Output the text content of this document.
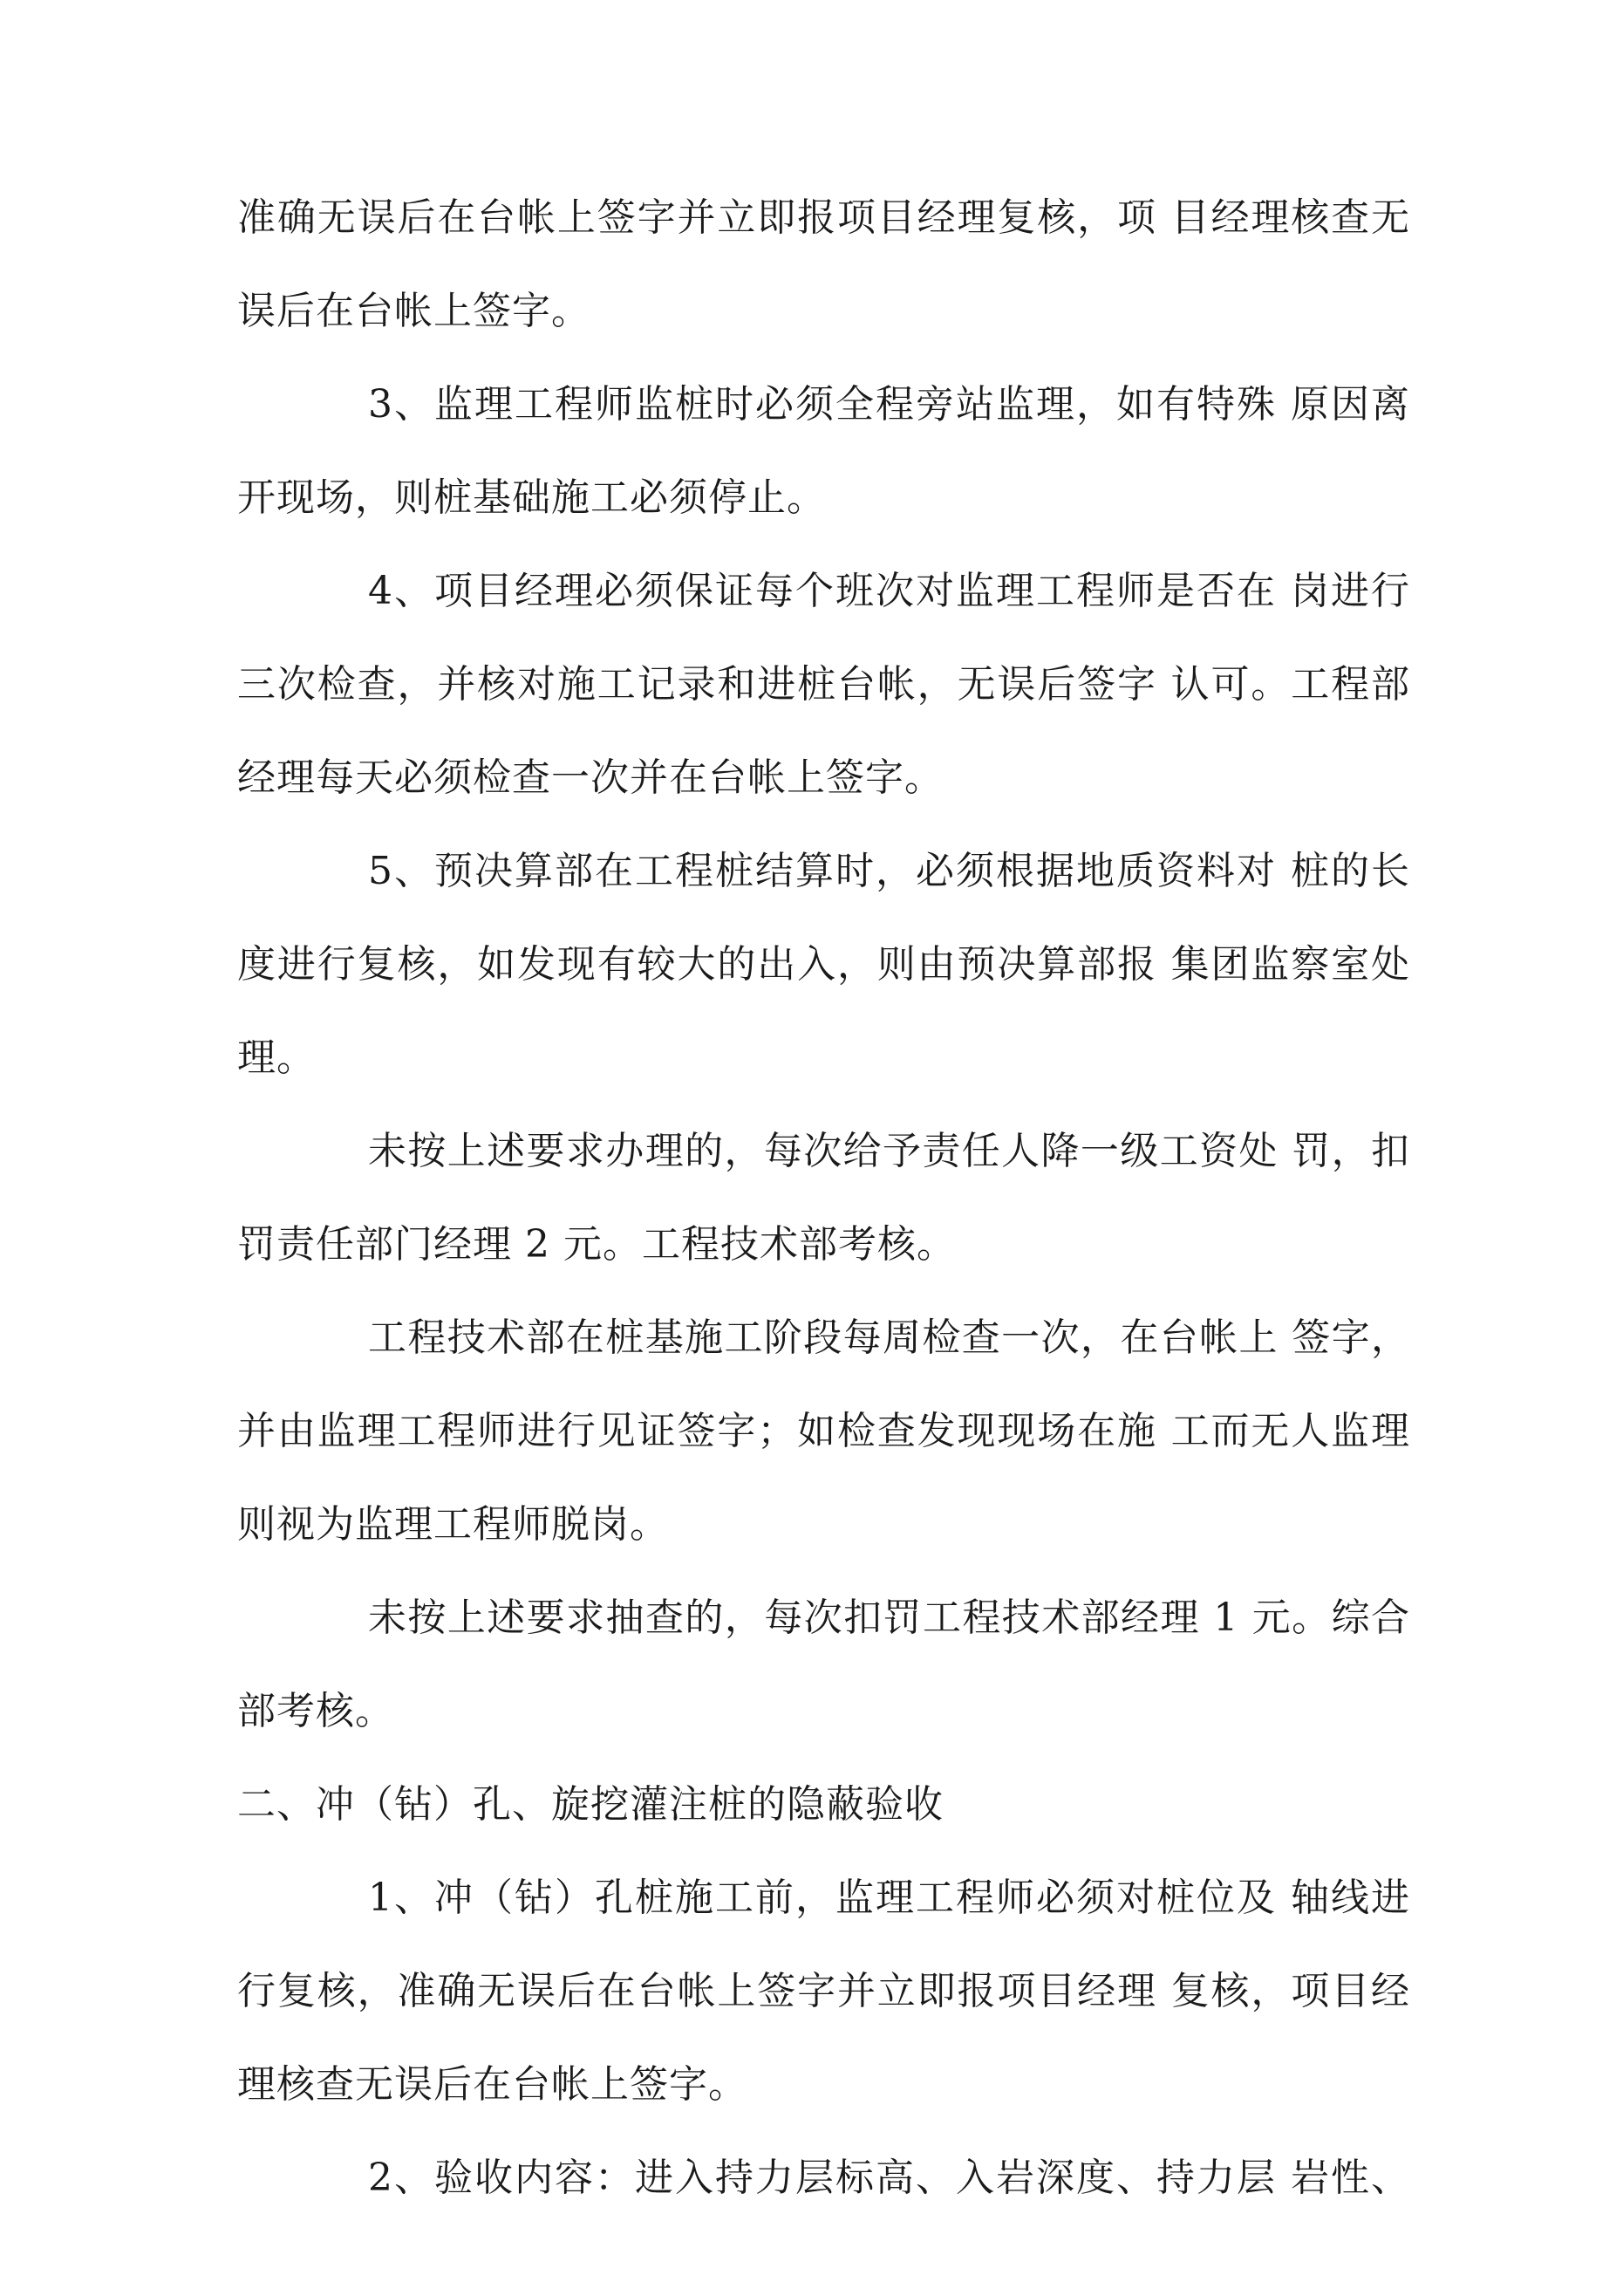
准确无误后在台帐上签字并立即报项目经理复核，项 目经理核查无
误后在台帐上签字。
3、监理工程师监桩时必须全程旁站监理，如有特殊 原因离
开现场，则桩基础施工必须停止。
4、项目经理必须保证每个班次对监理工程师是否在 岗进行
三次检查，并核对施工记录和进桩台帐，无误后签字 认可。工程部
经理每天必须检查一次并在台帐上签字。
5、预决算部在工程桩结算时，必须根据地质资料对 桩的长
度进行复核，如发现有较大的出入，则由预决算部报 集团监察室处
理。
未按上述要求办理的，每次给予责任人降一级工资处 罚，扣
罚责任部门经理 2 元。工程技术部考核。
工程技术部在桩基施工阶段每周检查一次，在台帐上 签字，
并由监理工程师进行见证签字；如检查发现现场在施 工而无人监理
则视为监理工程师脱岗。
未按上述要求抽查的，每次扣罚工程技术部经理 1 元。综合
部考核。
二、冲（钻）孔、旋挖灌注桩的隐蔽验收
1、冲（钻）孔桩施工前，监理工程师必须对桩位及 轴线进
行复核，准确无误后在台帐上签字并立即报项目经理 复核，项目经
理核查无误后在台帐上签字。
2、验收内容：进入持力层标高、入岩深度、持力层 岩性、
